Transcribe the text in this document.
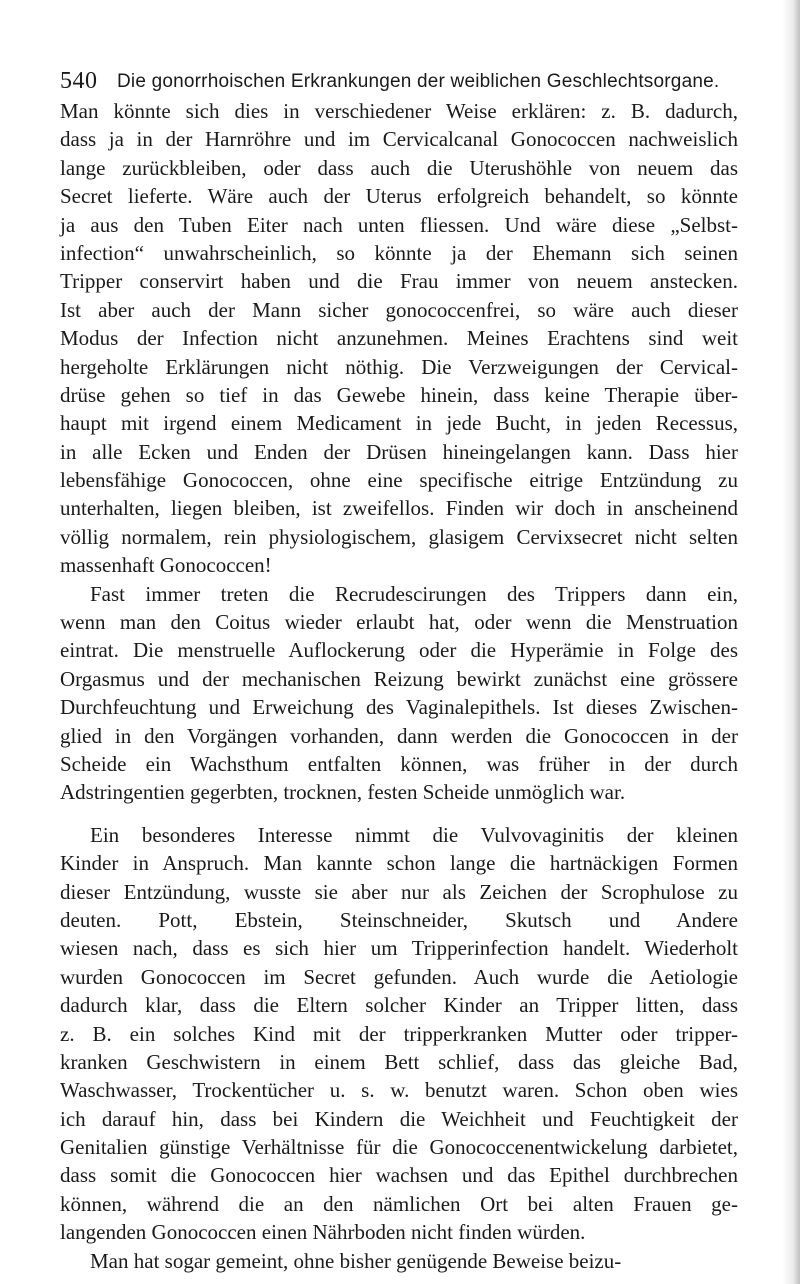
540 Die gonorrhoischen Erkrankungen der weiblichen Geschlechtsorgane.
Man könnte sich dies in verschiedener Weise erklären: z. B. dadurch,
dass ja in der Harnröhre und im Cervicalcanal Gonococcen nachweislich
lange zurückbleiben, oder dass auch die Uterushöhle von neuem das
Secret lieferte. Wäre auch der Uterus erfolgreich behandelt, so könnte
ja aus den Tuben Eiter nach unten fliessen. Und wäre diese „Selbst-
infection“ unwahrscheinlich, so könnte ja der Ehemann sich seinen
Tripper conservirt haben und die Frau immer von neuem anstecken.
Ist aber auch der Mann sicher gonococcenfrei, so wäre auch dieser
Modus der Infection nicht anzunehmen. Meines Erachtens sind weit
hergeholte Erklärungen nicht nöthig. Die Verzweigungen der Cervical-
drüse gehen so tief in das Gewebe hinein, dass keine Therapie über-
haupt mit irgend einem Medicament in jede Bucht, in jeden Recessus,
in alle Ecken und Enden der Drüsen hineingelangen kann. Dass hier
lebensfähige Gonococcen, ohne eine specifische eitrige Entzündung zu
unterhalten, liegen bleiben, ist zweifellos. Finden wir doch in anscheinend
völlig normalem, rein physiologischem, glasigem Cervixsecret nicht selten
massenhaft Gonococcen!
Fast immer treten die Recrudescirungen des Trippers dann ein,
wenn man den Coitus wieder erlaubt hat, oder wenn die Menstruation
eintrat. Die menstruelle Auflockerung oder die Hyperämie in Folge des
Orgasmus und der mechanischen Reizung bewirkt zunächst eine grössere
Durchfeuchtung und Erweichung des Vaginalepithels. Ist dieses Zwischen-
glied in den Vorgängen vorhanden, dann werden die Gonococcen in der
Scheide ein Wachsthum entfalten können, was früher in der durch
Adstringentien gegerbten, trocknen, festen Scheide unmöglich war.
Ein besonderes Interesse nimmt die Vulvovaginitis der kleinen
Kinder in Anspruch. Man kannte schon lange die hartnäckigen Formen
dieser Entzündung, wusste sie aber nur als Zeichen der Scrophulose zu
deuten. Pott, Ebstein, Steinschneider, Skutsch und Andere
wiesen nach, dass es sich hier um Tripperinfection handelt. Wiederholt
wurden Gonococcen im Secret gefunden. Auch wurde die Aetiologie
dadurch klar, dass die Eltern solcher Kinder an Tripper litten, dass
z. B. ein solches Kind mit der tripperkranken Mutter oder tripper-
kranken Geschwistern in einem Bett schlief, dass das gleiche Bad,
Waschwasser, Trockentücher u. s. w. benutzt waren. Schon oben wies
ich darauf hin, dass bei Kindern die Weichheit und Feuchtigkeit der
Genitalien günstige Verhältnisse für die Gonococcenentwickelung darbietet,
dass somit die Gonococcen hier wachsen und das Epithel durchbrechen
können, während die an den nämlichen Ort bei alten Frauen ge-
langenden Gonococcen einen Nährboden nicht finden würden.
Man hat sogar gemeint, ohne bisher genügende Beweise beizu-
